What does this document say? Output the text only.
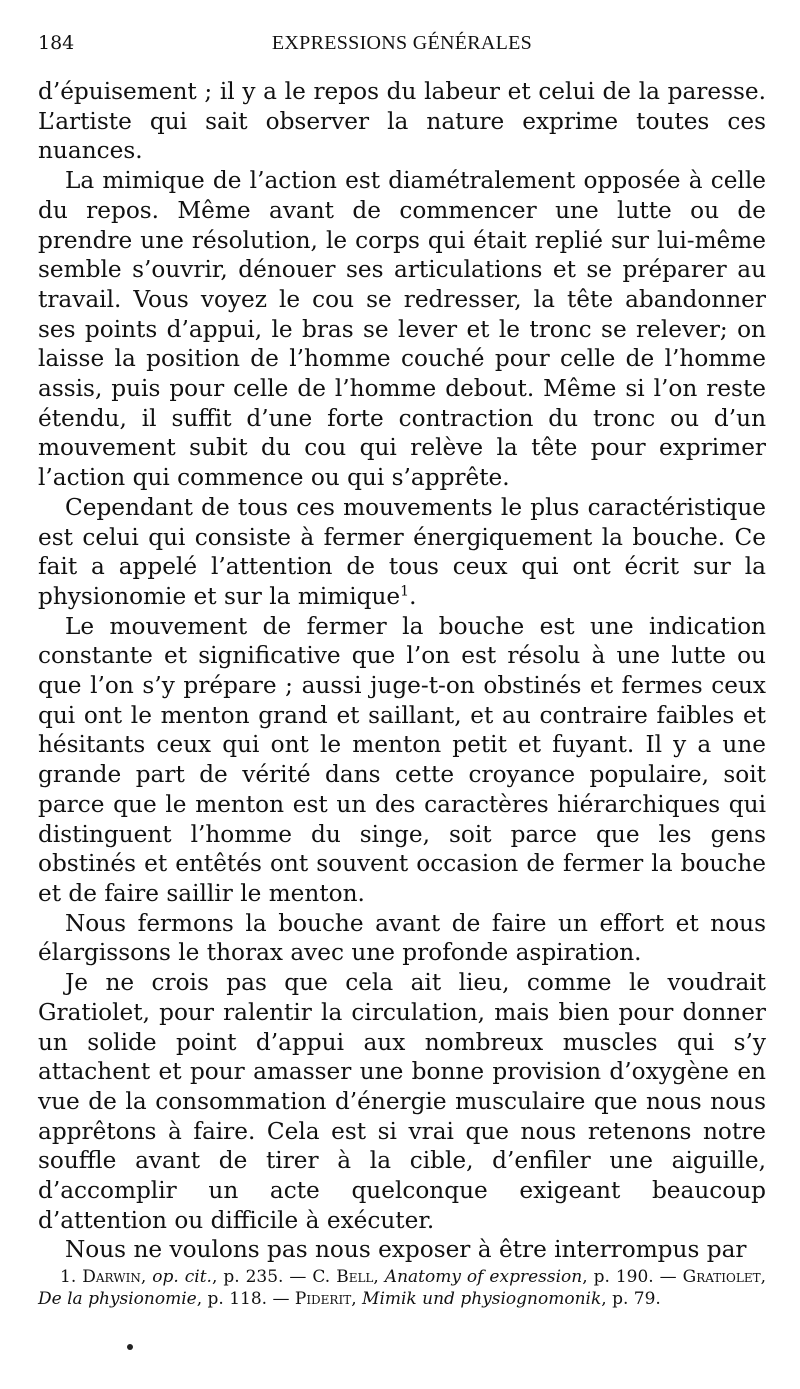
184	EXPRESSIONS GÉNÉRALES

d’épuisement ; il y a le repos du labeur et celui de la paresse. L’artiste qui sait observer la nature exprime toutes ces nuances.

La mimique de l’action est diamétralement opposée à celle du repos. Même avant de commencer une lutte ou de prendre une résolution, le corps qui était replié sur lui-même semble s’ouvrir, dénouer ses articulations et se préparer au travail. Vous voyez le cou se redresser, la tête abandonner ses points d’appui, le bras se lever et le tronc se relever; on laisse la position de l’homme couché pour celle de l’homme assis, puis pour celle de l’homme debout. Même si l’on reste étendu, il suffit d’une forte contraction du tronc ou d’un mouvement subit du cou qui relève la tête pour exprimer l’action qui commence ou qui s’apprête.

Cependant de tous ces mouvements le plus caractéristique est celui qui consiste à fermer énergiquement la bouche. Ce fait a appelé l’attention de tous ceux qui ont écrit sur la physionomie et sur la mimique$^1$.

Le mouvement de fermer la bouche est une indication constante et significative que l’on est résolu à une lutte ou que l’on s’y prépare ; aussi juge-t-on obstinés et fermes ceux qui ont le menton grand et saillant, et au contraire faibles et hésitants ceux qui ont le menton petit et fuyant. Il y a une grande part de vérité dans cette croyance populaire, soit parce que le menton est un des caractères hiérarchiques qui distinguent l’homme du singe, soit parce que les gens obstinés et entêtés ont souvent occasion de fermer la bouche et de faire saillir le menton.

Nous fermons la bouche avant de faire un effort et nous élargissons le thorax avec une profonde aspiration.

Je ne crois pas que cela ait lieu, comme le voudrait Gratiolet, pour ralentir la circulation, mais bien pour donner un solide point d’appui aux nombreux muscles qui s’y attachent et pour amasser une bonne provision d’oxygène en vue de la consommation d’énergie musculaire que nous nous apprêtons à faire. Cela est si vrai que nous retenons notre souffle avant de tirer à la cible, d’enfiler une aiguille, d’accomplir un acte quelconque exigeant beaucoup d’attention ou difficile à exécuter.

Nous ne voulons pas nous exposer à être interrompus par

1. Darwin, op. cit., p. 235. — C. Bell, Anatomy of expression, p. 190. — Gratiolet, De la physionomie, p. 118. — Piderit, Mimik und physiognomonik, p. 79.
